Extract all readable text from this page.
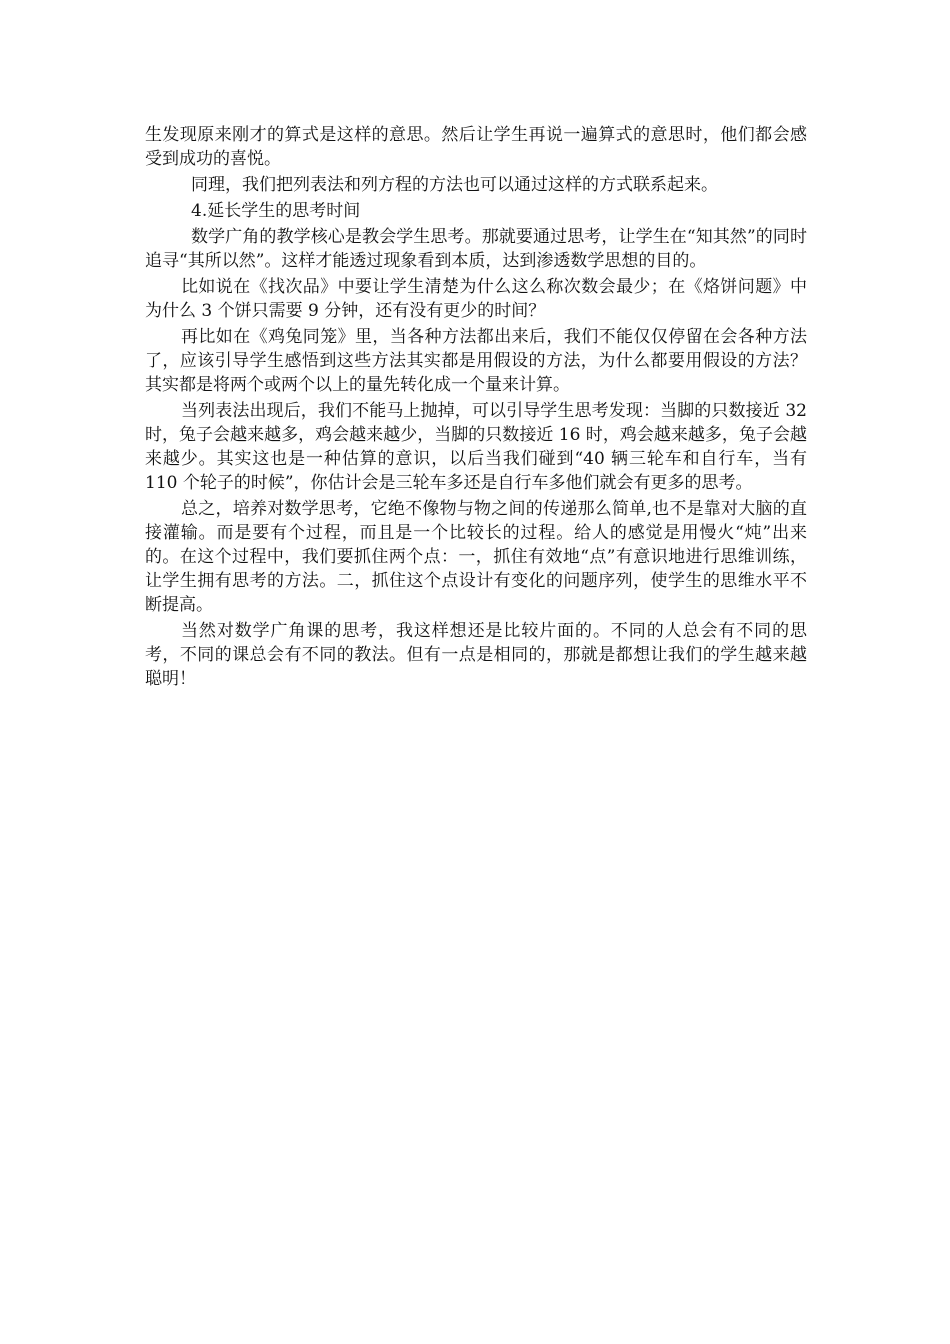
生发现原来刚才的算式是这样的意思。然后让学生再说一遍算式的意思时，他们都会感受到成功的喜悦。

同理，我们把列表法和列方程的方法也可以通过这样的方式联系起来。

4.延长学生的思考时间

数学广角的教学核心是教会学生思考。那就要通过思考，让学生在“知其然”的同时追寻“其所以然”。这样才能透过现象看到本质，达到渗透数学思想的目的。

比如说在《找次品》中要让学生清楚为什么这么称次数会最少；在《烙饼问题》中为什么 3 个饼只需要 9 分钟，还有没有更少的时间？

再比如在《鸡兔同笼》里，当各种方法都出来后，我们不能仅仅停留在会各种方法了，应该引导学生感悟到这些方法其实都是用假设的方法，为什么都要用假设的方法？其实都是将两个或两个以上的量先转化成一个量来计算。

当列表法出现后，我们不能马上抛掉，可以引导学生思考发现：当脚的只数接近 32 时，兔子会越来越多，鸡会越来越少，当脚的只数接近 16 时，鸡会越来越多，兔子会越来越少。其实这也是一种估算的意识，以后当我们碰到“40 辆三轮车和自行车，当有 110 个轮子的时候”，你估计会是三轮车多还是自行车多他们就会有更多的思考。

总之，培养对数学思考，它绝不像物与物之间的传递那么简单,也不是靠对大脑的直接灌输。而是要有个过程，而且是一个比较长的过程。给人的感觉是用慢火“炖”出来的。在这个过程中，我们要抓住两个点：一，抓住有效地“点”有意识地进行思维训练，让学生拥有思考的方法。二，抓住这个点设计有变化的问题序列，使学生的思维水平不断提高。

当然对数学广角课的思考，我这样想还是比较片面的。不同的人总会有不同的思考，不同的课总会有不同的教法。但有一点是相同的，那就是都想让我们的学生越来越聪明！
